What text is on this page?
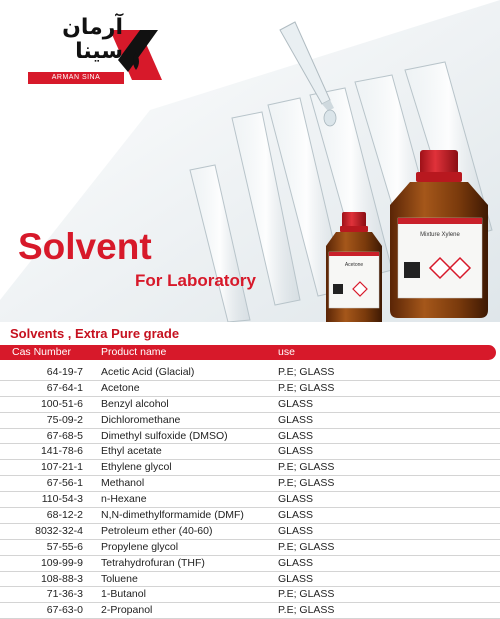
Mixture Xylene
Acetone
آرمان سینا
ARMAN SINA
Solvent
For Laboratory
Solvents , Extra Pure grade
Cas Number	Product name	use
64-19-7 Acetic Acid (Glacial)	P.E; GLASS
67-64-1 Acetone	P.E; GLASS
100-51-6 Benzyl alcohol	GLASS
75-09-2 Dichloromethane	GLASS
67-68-5 Dimethyl sulfoxide (DMSO)	GLASS
141-78-6 Ethyl acetate	GLASS
107-21-1 Ethylene glycol	P.E; GLASS
67-56-1 Methanol	P.E; GLASS
110-54-3 n-Hexane	GLASS
68-12-2 N,N-dimethylformamide (DMF)	GLASS
8032-32-4 Petroleum ether (40-60)	GLASS
57-55-6 Propylene glycol	P.E; GLASS
109-99-9 Tetrahydrofuran (THF)	GLASS
108-88-3 Toluene	GLASS
71-36-3 1-Butanol	P.E; GLASS
67-63-0 2-Propanol	P.E; GLASS
